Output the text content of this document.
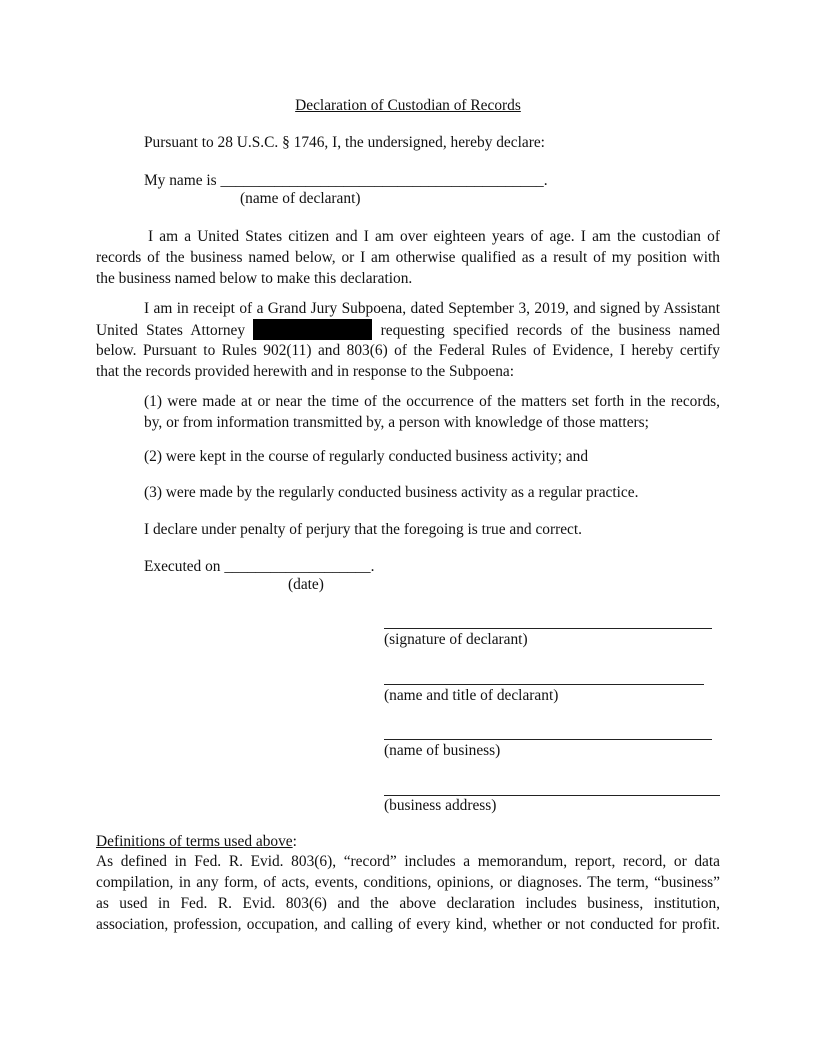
Declaration of Custodian of Records
Pursuant to 28 U.S.C. § 1746, I, the undersigned, hereby declare:
My name is __________________________________________.
(name of declarant)
I am a United States citizen and I am over eighteen years of age. I am the custodian of
records of the business named below, or I am otherwise qualified as a result of my position with
the business named below to make this declaration.
I am in receipt of a Grand Jury Subpoena, dated September 3, 2019, and signed by Assistant
United States Attorney	requesting specified records of the business named
below. Pursuant to Rules 902(11) and 803(6) of the Federal Rules of Evidence, I hereby certify
that the records provided herewith and in response to the Subpoena:
(1) were made at or near the time of the occurrence of the matters set forth in the records,
by, or from information transmitted by, a person with knowledge of those matters;
(2) were kept in the course of regularly conducted business activity; and
(3) were made by the regularly conducted business activity as a regular practice.
I declare under penalty of perjury that the foregoing is true and correct.
Executed on ___________________.
(date)
(signature of declarant)
(name and title of declarant)
(name of business)
(business address)
Definitions of terms used above:
As defined in Fed. R. Evid. 803(6), “record” includes a memorandum, report, record, or data
compilation, in any form, of acts, events, conditions, opinions, or diagnoses. The term, “business”
as used in Fed. R. Evid. 803(6) and the above declaration includes business, institution,
association, profession, occupation, and calling of every kind, whether or not conducted for profit.
